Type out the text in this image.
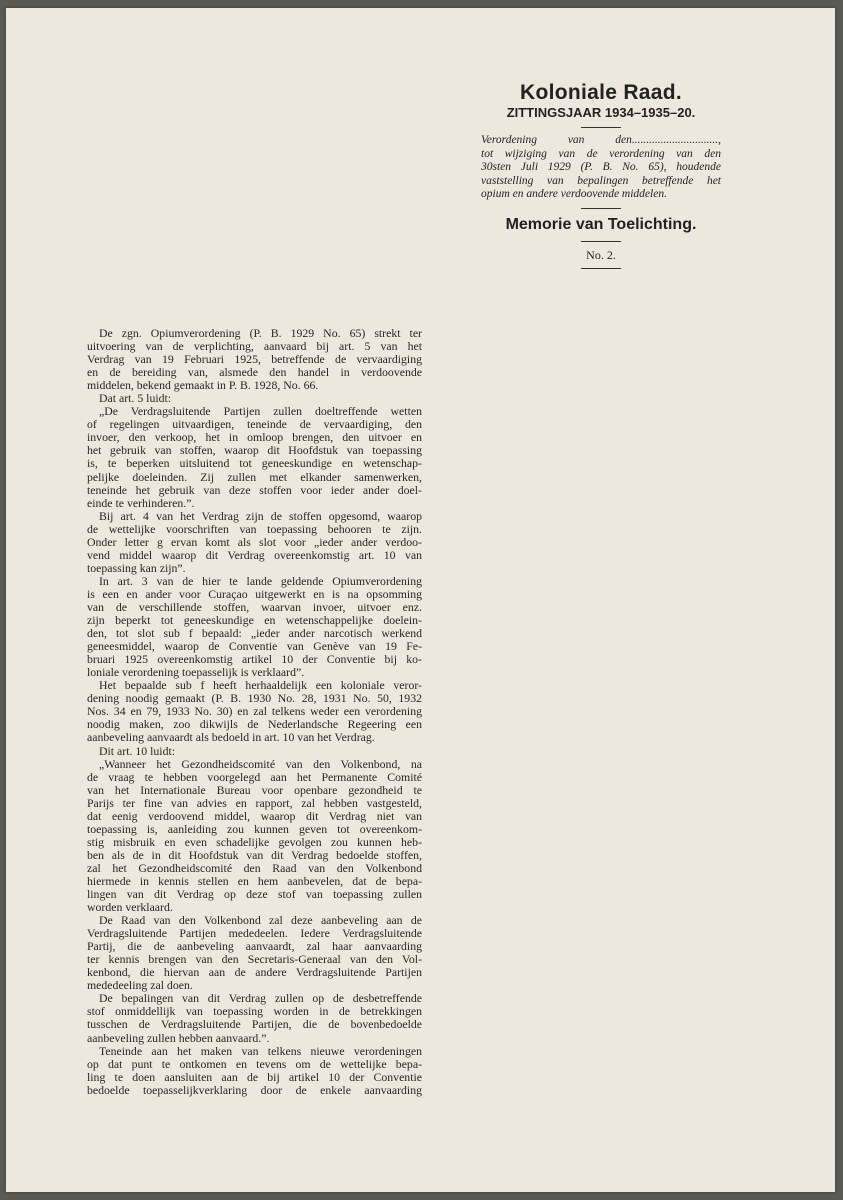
Koloniale Raad.
ZITTINGSJAAR 1934–1935–20.
Verordening van den..............................,
tot wijziging van de verordening van den
30sten Juli 1929 (P. B. No. 65), houdende
vaststelling van bepalingen betreffende het
opium en andere verdoovende middelen.
Memorie van Toelichting.
No. 2.
De zgn. Opiumverordening (P. B. 1929 No. 65) strekt ter
uitvoering van de verplichting, aanvaard bij art. 5 van het
Verdrag van 19 Februari 1925, betreffende de vervaardiging
en de bereiding van, alsmede den handel in verdoovende
middelen, bekend gemaakt in P. B. 1928, No. 66.
Dat art. 5 luidt:
„De Verdragsluitende Partijen zullen doeltreffende wetten
of regelingen uitvaardigen, teneinde de vervaardiging, den
invoer, den verkoop, het in omloop brengen, den uitvoer en
het gebruik van stoffen, waarop dit Hoofdstuk van toepassing
is, te beperken uitsluitend tot geneeskundige en wetenschap-
pelijke doeleinden. Zij zullen met elkander samenwerken,
teneinde het gebruik van deze stoffen voor ieder ander doel-
einde te verhinderen.”.
Bij art. 4 van het Verdrag zijn de stoffen opgesomd, waarop
de wettelijke voorschriften van toepassing behooren te zijn.
Onder letter g ervan komt als slot voor „ieder ander verdoo-
vend middel waarop dit Verdrag overeenkomstig art. 10 van
toepassing kan zijn”.
In art. 3 van de hier te lande geldende Opiumverordening
is een en ander voor Curaçao uitgewerkt en is na opsomming
van de verschillende stoffen, waarvan invoer, uitvoer enz.
zijn beperkt tot geneeskundige en wetenschappelijke doelein-
den, tot slot sub f bepaald: „ieder ander narcotisch werkend
geneesmiddel, waarop de Conventie van Genève van 19 Fe-
bruari 1925 overeenkomstig artikel 10 der Conventie bij ko-
loniale verordening toepasselijk is verklaard”.
Het bepaalde sub f heeft herhaaldelijk een koloniale veror-
dening noodig gemaakt (P. B. 1930 No. 28, 1931 No. 50, 1932
Nos. 34 en 79, 1933 No. 30) en zal telkens weder een verordening
noodig maken, zoo dikwijls de Nederlandsche Regeering een
aanbeveling aanvaardt als bedoeld in art. 10 van het Verdrag.
Dit art. 10 luidt:
„Wanneer het Gezondheidscomité van den Volkenbond, na
de vraag te hebben voorgelegd aan het Permanente Comité
van het Internationale Bureau voor openbare gezondheid te
Parijs ter fine van advies en rapport, zal hebben vastgesteld,
dat eenig verdoovend middel, waarop dit Verdrag niet van
toepassing is, aanleiding zou kunnen geven tot overeenkom-
stig misbruik en even schadelijke gevolgen zou kunnen heb-
ben als de in dit Hoofdstuk van dit Verdrag bedoelde stoffen,
zal het Gezondheidscomité den Raad van den Volkenbond
hiermede in kennis stellen en hem aanbevelen, dat de bepa-
lingen van dit Verdrag op deze stof van toepassing zullen
worden verklaard.
De Raad van den Volkenbond zal deze aanbeveling aan de
Verdragsluitende Partijen mededeelen. Iedere Verdragsluitende
Partij, die de aanbeveling aanvaardt, zal haar aanvaarding
ter kennis brengen van den Secretaris-Generaal van den Vol-
kenbond, die hiervan aan de andere Verdragsluitende Partijen
mededeeling zal doen.
De bepalingen van dit Verdrag zullen op de desbetreffende
stof onmiddellijk van toepassing worden in de betrekkingen
tusschen de Verdragsluitende Partijen, die de bovenbedoelde
aanbeveling zullen hebben aanvaard.”.
Teneinde aan het maken van telkens nieuwe verordeningen
op dat punt te ontkomen en tevens om de wettelijke bepa-
ling te doen aansluiten aan de bij artikel 10 der Conventie
bedoelde toepasselijkverklaring door de enkele aanvaarding
